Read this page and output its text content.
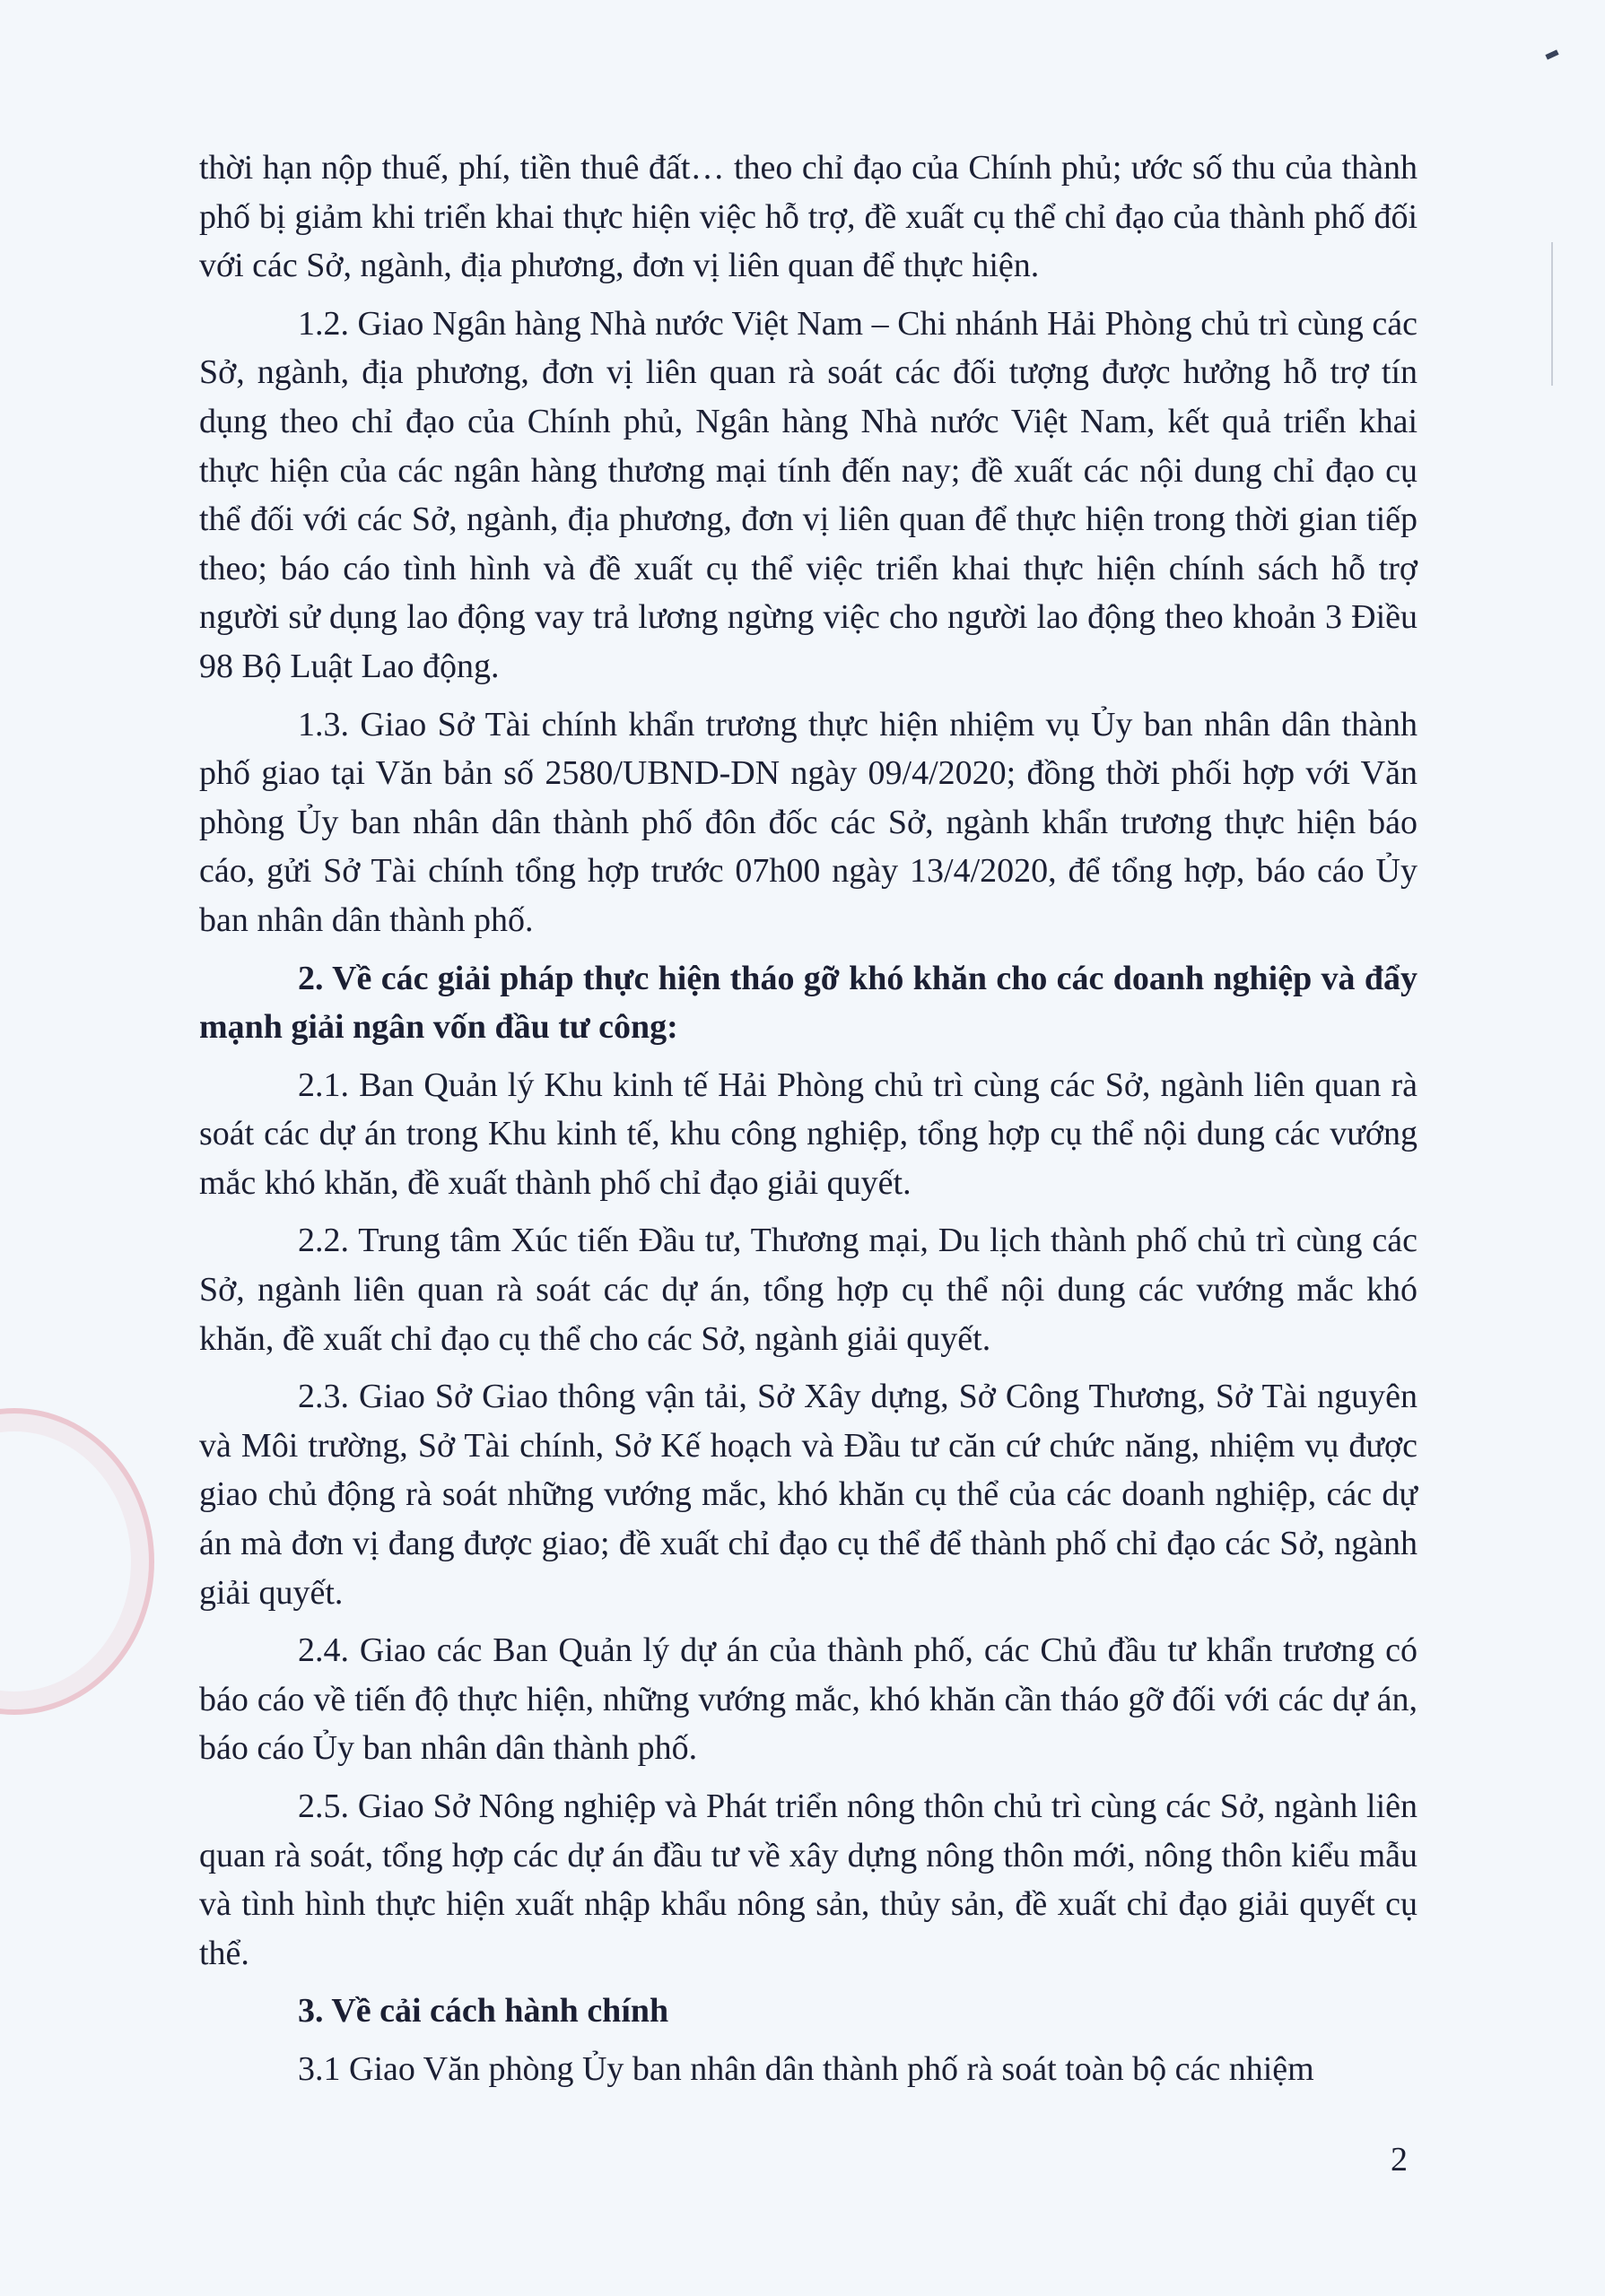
thời hạn nộp thuế, phí, tiền thuê đất… theo chỉ đạo của Chính phủ; ước số thu của thành phố bị giảm khi triển khai thực hiện việc hỗ trợ, đề xuất cụ thể chỉ đạo của thành phố đối với các Sở, ngành, địa phương, đơn vị liên quan để thực hiện.

1.2. Giao Ngân hàng Nhà nước Việt Nam – Chi nhánh Hải Phòng chủ trì cùng các Sở, ngành, địa phương, đơn vị liên quan rà soát các đối tượng được hưởng hỗ trợ tín dụng theo chỉ đạo của Chính phủ, Ngân hàng Nhà nước Việt Nam, kết quả triển khai thực hiện của các ngân hàng thương mại tính đến nay; đề xuất các nội dung chỉ đạo cụ thể đối với các Sở, ngành, địa phương, đơn vị liên quan để thực hiện trong thời gian tiếp theo; báo cáo tình hình và đề xuất cụ thể việc triển khai thực hiện chính sách hỗ trợ người sử dụng lao động vay trả lương ngừng việc cho người lao động theo khoản 3 Điều 98 Bộ Luật Lao động.

1.3. Giao Sở Tài chính khẩn trương thực hiện nhiệm vụ Ủy ban nhân dân thành phố giao tại Văn bản số 2580/UBND-DN ngày 09/4/2020; đồng thời phối hợp với Văn phòng Ủy ban nhân dân thành phố đôn đốc các Sở, ngành khẩn trương thực hiện báo cáo, gửi Sở Tài chính tổng hợp trước 07h00 ngày 13/4/2020, để tổng hợp, báo cáo Ủy ban nhân dân thành phố.

2. Về các giải pháp thực hiện tháo gỡ khó khăn cho các doanh nghiệp và đẩy mạnh giải ngân vốn đầu tư công:

2.1. Ban Quản lý Khu kinh tế Hải Phòng chủ trì cùng các Sở, ngành liên quan rà soát các dự án trong Khu kinh tế, khu công nghiệp, tổng hợp cụ thể nội dung các vướng mắc khó khăn, đề xuất thành phố chỉ đạo giải quyết.

2.2. Trung tâm Xúc tiến Đầu tư, Thương mại, Du lịch thành phố chủ trì cùng các Sở, ngành liên quan rà soát các dự án, tổng hợp cụ thể nội dung các vướng mắc khó khăn, đề xuất chỉ đạo cụ thể cho các Sở, ngành giải quyết.

2.3. Giao Sở Giao thông vận tải, Sở Xây dựng, Sở Công Thương, Sở Tài nguyên và Môi trường, Sở Tài chính, Sở Kế hoạch và Đầu tư căn cứ chức năng, nhiệm vụ được giao chủ động rà soát những vướng mắc, khó khăn cụ thể của các doanh nghiệp, các dự án mà đơn vị đang được giao; đề xuất chỉ đạo cụ thể để thành phố chỉ đạo các Sở, ngành giải quyết.

2.4. Giao các Ban Quản lý dự án của thành phố, các Chủ đầu tư khẩn trương có báo cáo về tiến độ thực hiện, những vướng mắc, khó khăn cần tháo gỡ đối với các dự án, báo cáo Ủy ban nhân dân thành phố.

2.5. Giao Sở Nông nghiệp và Phát triển nông thôn chủ trì cùng các Sở, ngành liên quan rà soát, tổng hợp các dự án đầu tư về xây dựng nông thôn mới, nông thôn kiểu mẫu và tình hình thực hiện xuất nhập khẩu nông sản, thủy sản, đề xuất chỉ đạo giải quyết cụ thể.

3. Về cải cách hành chính

3.1 Giao Văn phòng Ủy ban nhân dân thành phố rà soát toàn bộ các nhiệm

2
